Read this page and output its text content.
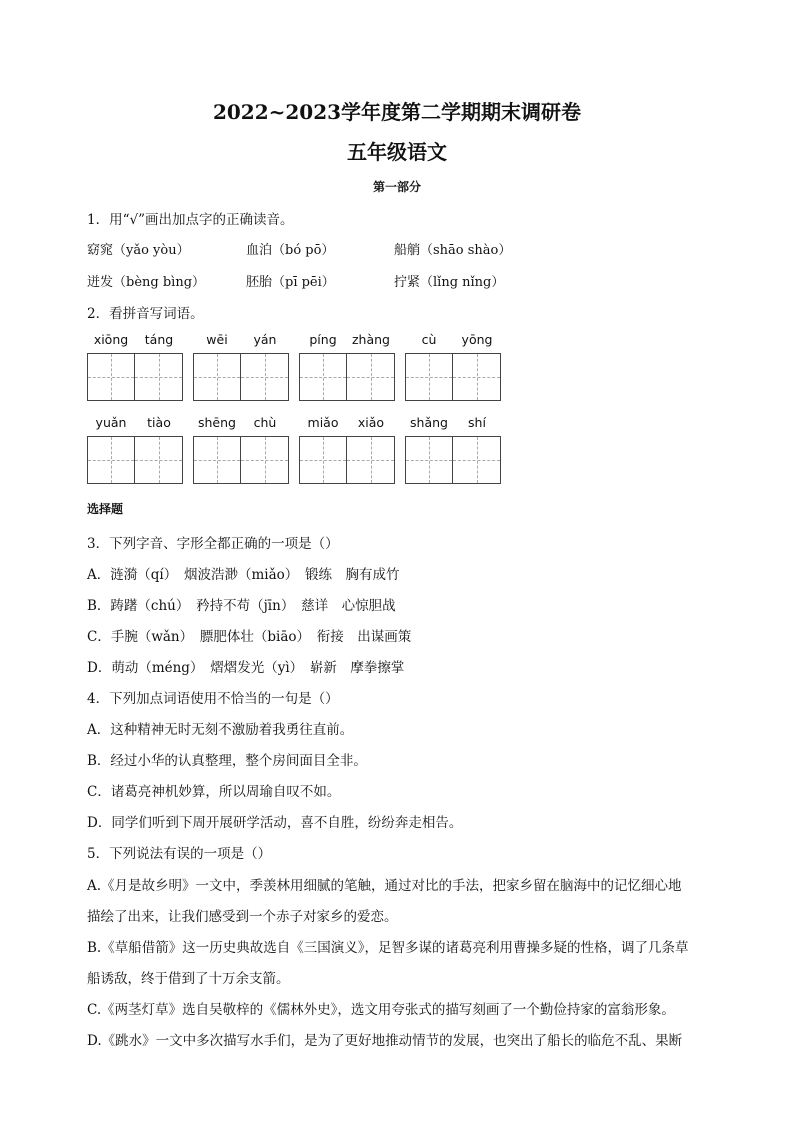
2022~2023学年度第二学期期末调研卷
五年级语文
第一部分
1．用“√”画出加点字的正确读音。
窈窕（yǎo yòu）	血泊（bó pō）	船艄（shāo shào）
迸发（bèng bìng）	胚胎（pī pēi）	拧紧（lǐng nǐng）
2．看拼音写词语。
xiōng	táng	wēi	yán	píng	zhàng	cù	yōng
yuǎn	tiào	shēng	chù	miǎo	xiǎo	shǎng	shí
选择题
3．下列字音、字形全都正确的一项是（）
A．涟漪（qí）　烟波浩渺（miǎo）　锻练　胸有成竹
B．踌躇（chú）　矜持不苟（jīn）　慈详　心惊胆战
C．手腕（wǎn）　膘肥体壮（biāo）　衔接　出谋画策
D．萌动（méng）　熠熠发光（yì）　崭新　摩拳擦掌
4．下列加点词语使用不恰当的一句是（）
A．这种精神无时无刻不激励着我勇往直前。
B．经过小华的认真整理，整个房间面目全非。
C．诸葛亮神机妙算，所以周瑜自叹不如。
D．同学们听到下周开展研学活动，喜不自胜，纷纷奔走相告。
5．下列说法有误的一项是（）
A.《月是故乡明》一文中，季羡林用细腻的笔触，通过对比的手法，把家乡留在脑海中的记忆细心地
描绘了出来，让我们感受到一个赤子对家乡的爱恋。
B.《草船借箭》这一历史典故选自《三国演义》，足智多谋的诸葛亮利用曹操多疑的性格，调了几条草
船诱敌，终于借到了十万余支箭。
C.《两茎灯草》选自吴敬梓的《儒林外史》，选文用夸张式的描写刻画了一个勤俭持家的富翁形象。
D.《跳水》一文中多次描写水手们，是为了更好地推动情节的发展，也突出了船长的临危不乱、果断
